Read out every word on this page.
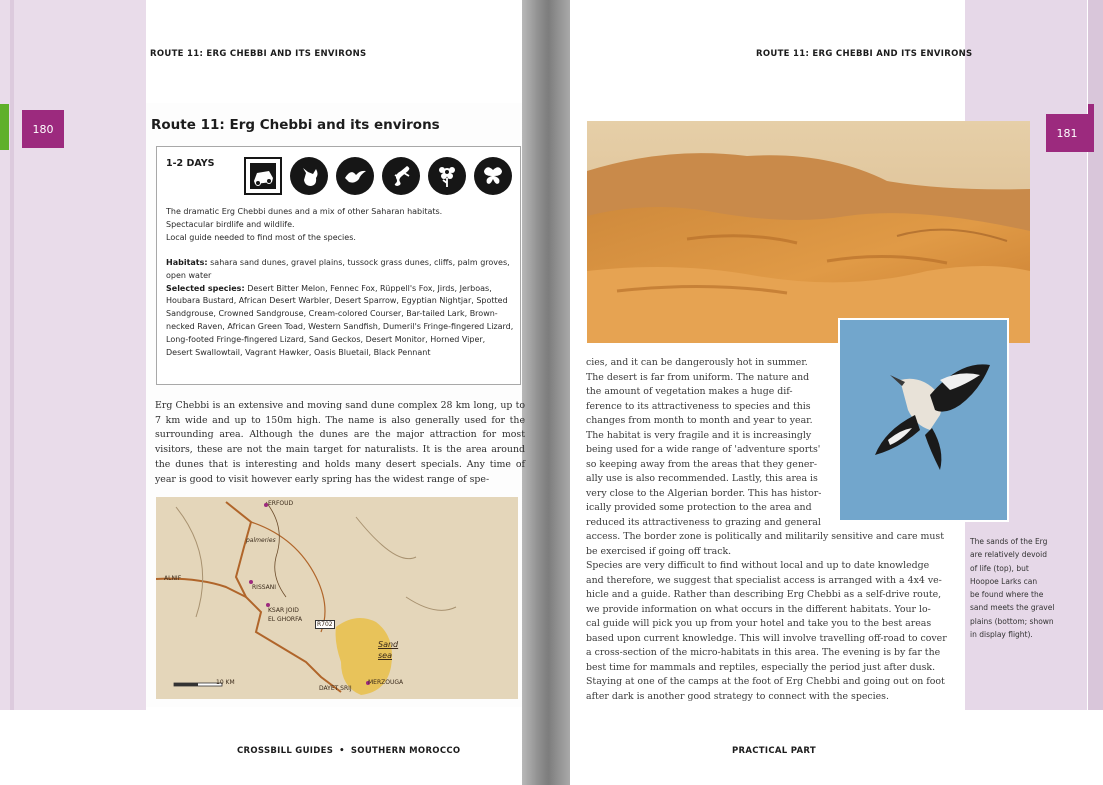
180	181
ROUTE 11: ERG CHEBBI AND ITS ENVIRONS	ROUTE 11: ERG CHEBBI AND ITS ENVIRONS
Route 11: Erg Chebbi and its environs
1-2 DAYS
The dramatic Erg Chebbi dunes and a mix of other Saharan habitats.
Spectacular birdlife and wildlife.
Local guide needed to find most of the species.

Habitats: sahara sand dunes, gravel plains, tussock grass dunes, cliffs, palm groves, open water

Selected species: Desert Bitter Melon, Fennec Fox, Rüppell's Fox, Jirds, Jerboas, Houbara Bustard, African Desert Warbler, Desert Sparrow, Egyptian Nightjar, Spotted Sandgrouse, Crowned Sandgrouse, Cream-colored Courser, Bar-tailed Lark, Brown-necked Raven, African Green Toad, Western Sandfish, Dumeril's Fringe-fingered Lizard, Long-footed Fringe-fingered Lizard, Sand Geckos, Desert Monitor, Horned Viper, Desert Swallowtail, Vagrant Hawker, Oasis Bluetail, Black Pennant

Erg Chebbi is an extensive and moving sand dune complex 28 km long, up to 7 km wide and up to 150m high. The name is also generally used for the surrounding area. Although the dunes are the major attraction for most visitors, these are not the main target for naturalists. It is the area around the dunes that is interesting and holds many desert specials. Any time of year is good to visit however early spring has the widest range of spe-

ERFOUD
palmeries
ALNIF
RISSANI
KSAR JOID
EL GHORFA
R702
Sand
sea
MERZOUGA
DAYET SRIJ
10 KM
cies, and it can be dangerously hot in summer.
The desert is far from uniform. The nature and
the amount of vegetation makes a huge dif-
ference to its attractiveness to species and this
changes from month to month and year to year.
The habitat is very fragile and it is increasingly
being used for a wide range of 'adventure sports'
so keeping away from the areas that they gener-
ally use is also recommended. Lastly, this area is
very close to the Algerian border. This has histor-
ically provided some protection to the area and
reduced its attractiveness to grazing and general
access. The border zone is politically and militarily sensitive and care must
be exercised if going off track.
Species are very difficult to find without local and up to date knowledge
and therefore, we suggest that specialist access is arranged with a 4x4 ve-
hicle and a guide. Rather than describing Erg Chebbi as a self-drive route,
we provide information on what occurs in the different habitats. Your lo-
cal guide will pick you up from your hotel and take you to the best areas
based upon current knowledge. This will involve travelling off-road to cover
a cross-section of the micro-habitats in this area. The evening is by far the
best time for mammals and reptiles, especially the period just after dusk.
Staying at one of the camps at the foot of Erg Chebbi and going out on foot
after dark is another good strategy to connect with the species.
The sands of the Erg
are relatively devoid
of life (top), but
Hoopoe Larks can
be found where the
sand meets the gravel
plains (bottom; shown
in display flight).
CROSSBILL GUIDES • SOUTHERN MOROCCO	PRACTICAL PART
